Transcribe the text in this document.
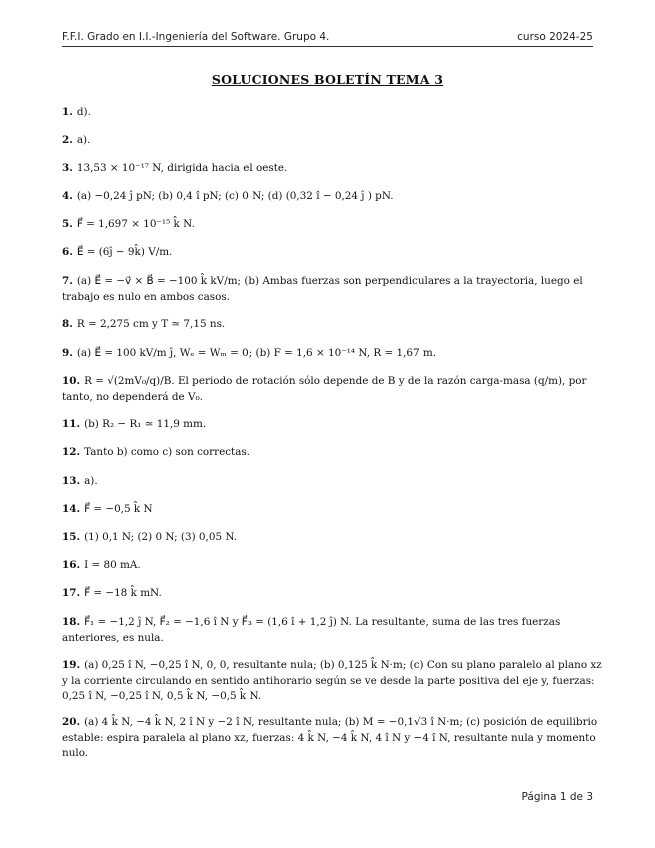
F.F.I. Grado en I.I.-Ingeniería del Software. Grupo 4.	curso 2024-25
SOLUCIONES BOLETÍN TEMA 3
1. d).
2. a).
3. 13,53 × 10⁻¹⁷ N, dirigida hacia el oeste.
4. (a) −0,24 ĵ pN; (b) 0,4 î pN; (c) 0 N; (d) (0,32 î − 0,24 ĵ ) pN.
5. F⃗ = 1,697 × 10⁻¹⁵ k̂ N.
6. E⃗ = (6ĵ − 9k̂) V/m.
7. (a) E⃗ = −v⃗ × B⃗ = −100 k̂ kV/m; (b) Ambas fuerzas son perpendiculares a la trayectoria, luego el
trabajo es nulo en ambos casos.
8. R = 2,275 cm y T ≃ 7,15 ns.
9. (a) E⃗ = 100 kV/m ĵ, Wₑ = Wₘ = 0; (b) F = 1,6 × 10⁻¹⁴ N, R = 1,67 m.
10. R = √(2mV₀/q)/B. El periodo de rotación sólo depende de B y de la razón carga-masa (q/m), por
tanto, no dependerá de V₀.
11. (b) R₂ − R₁ ≃ 11,9 mm.
12. Tanto b) como c) son correctas.
13. a).
14. F⃗ = −0,5 k̂ N
15. (1) 0,1 N; (2) 0 N; (3) 0,05 N.
16. I = 80 mA.
17. F⃗ = −18 k̂ mN.
18. F⃗₁ = −1,2 ĵ N, F⃗₂ = −1,6 î N y F⃗₃ = (1,6 î + 1,2 ĵ) N. La resultante, suma de las tres fuerzas
anteriores, es nula.
19. (a) 0,25 î N, −0,25 î N, 0, 0, resultante nula; (b) 0,125 k̂ N·m; (c) Con su plano paralelo al plano xz
y la corriente circulando en sentido antihorario según se ve desde la parte positiva del eje y, fuerzas:
0,25 î N, −0,25 î N, 0,5 k̂ N, −0,5 k̂ N.
20. (a) 4 k̂ N, −4 k̂ N, 2 î N y −2 î N, resultante nula; (b) M = −0,1√3 î N·m; (c) posición de equilibrio
estable: espira paralela al plano xz, fuerzas: 4 k̂ N, −4 k̂ N, 4 î N y −4 î N, resultante nula y momento
nulo.
Página 1 de 3
